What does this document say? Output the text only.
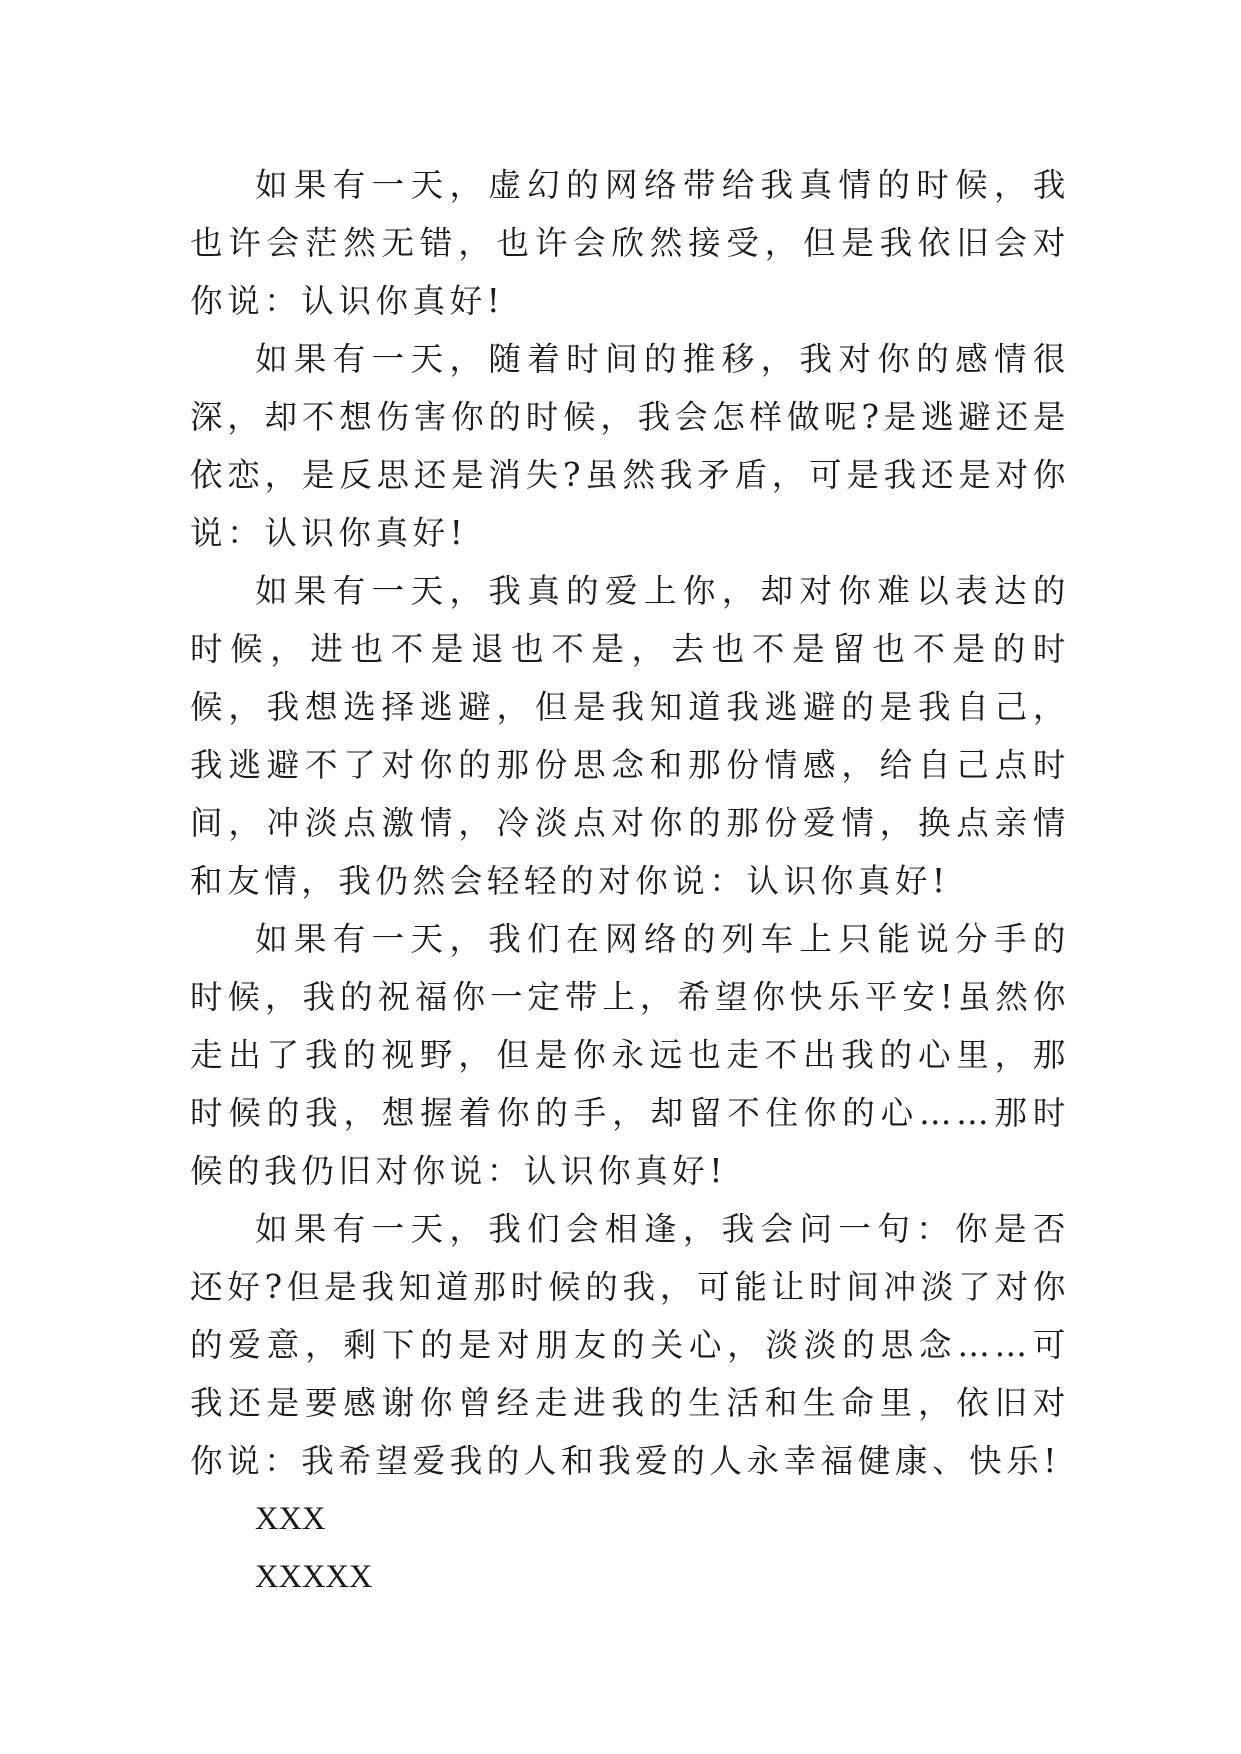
如果有一天，虚幻的网络带给我真情的时候，我也许会茫然无错，也许会欣然接受，但是我依旧会对你说：认识你真好!

如果有一天，随着时间的推移，我对你的感情很深，却不想伤害你的时候，我会怎样做呢?是逃避还是依恋，是反思还是消失?虽然我矛盾，可是我还是对你说：认识你真好!

如果有一天，我真的爱上你，却对你难以表达的时候，进也不是退也不是，去也不是留也不是的时候，我想选择逃避，但是我知道我逃避的是我自己，我逃避不了对你的那份思念和那份情感，给自己点时间，冲淡点激情，冷淡点对你的那份爱情，换点亲情和友情，我仍然会轻轻的对你说：认识你真好!

如果有一天，我们在网络的列车上只能说分手的时候，我的祝福你一定带上，希望你快乐平安!虽然你走出了我的视野，但是你永远也走不出我的心里，那时候的我，想握着你的手，却留不住你的心……那时候的我仍旧对你说：认识你真好!

如果有一天，我们会相逢，我会问一句：你是否还好?但是我知道那时候的我，可能让时间冲淡了对你的爱意，剩下的是对朋友的关心，淡淡的思念……可我还是要感谢你曾经走进我的生活和生命里，依旧对你说：我希望爱我的人和我爱的人永幸福健康、快乐!

XXX

XXXXX
